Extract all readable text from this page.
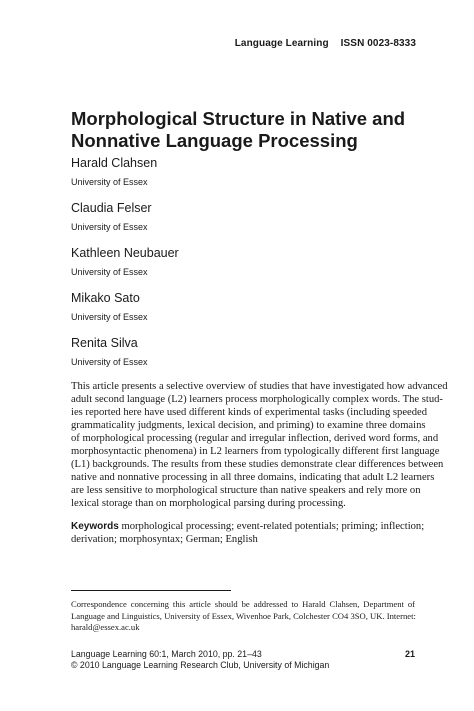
Language Learning ISSN 0023-8333
Morphological Structure in Native and
Nonnative Language Processing
Harald Clahsen
University of Essex
Claudia Felser
University of Essex
Kathleen Neubauer
University of Essex
Mikako Sato
University of Essex
Renita Silva
University of Essex
This article presents a selective overview of studies that have investigated how advanced
adult second language (L2) learners process morphologically complex words. The stud-
ies reported here have used different kinds of experimental tasks (including speeded
grammaticality judgments, lexical decision, and priming) to examine three domains
of morphological processing (regular and irregular inflection, derived word forms, and
morphosyntactic phenomena) in L2 learners from typologically different first language
(L1) backgrounds. The results from these studies demonstrate clear differences between
native and nonnative processing in all three domains, indicating that adult L2 learners
are less sensitive to morphological structure than native speakers and rely more on
lexical storage than on morphological parsing during processing.
Keywords morphological processing; event-related potentials; priming; inflection;
derivation; morphosyntax; German; English
Correspondence concerning this article should be addressed to Harald Clahsen, Department of
Language and Linguistics, University of Essex, Wivenhoe Park, Colchester CO4 3SO, UK. Internet:
harald@essex.ac.uk
Language Learning 60:1, March 2010, pp. 21–43
© 2010 Language Learning Research Club, University of Michigan
21
